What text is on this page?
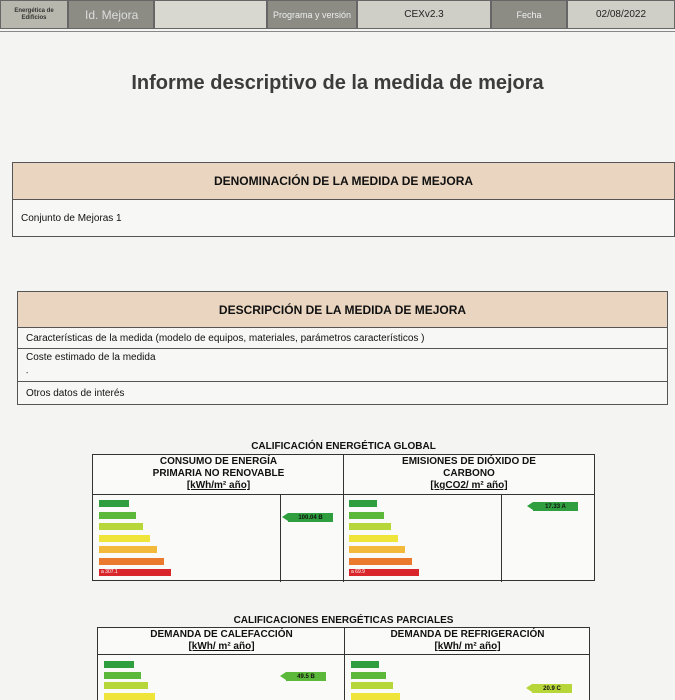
Energética de Edificios	Id. Mejora	Programa y versión	CEXv2.3	Fecha	02/08/2022
Informe descriptivo de la medida de mejora
DENOMINACIÓN DE LA MEDIDA DE MEJORA
Conjunto de Mejoras 1
DESCRIPCIÓN DE LA MEDIDA DE MEJORA
Características de la medida (modelo de equipos, materiales, parámetros característicos )
Coste estimado de la medida
-
Otros datos de interés
CALIFICACIÓN ENERGÉTICA GLOBAL
CONSUMO DE ENERGÍA
PRIMARIA NO RENOVABLE
[kWh/m² año]
EMISIONES DE DIÓXIDO DE
CARBONO
[kgCO2/ m² año]
a 307.1	a 69.9
100.04 B
17.33 A
CALIFICACIONES ENERGÉTICAS PARCIALES
DEMANDA DE CALEFACCIÓN
[kWh/ m² año]
DEMANDA DE REFRIGERACIÓN
[kWh/ m² año]
49.5 B
20.9 C
